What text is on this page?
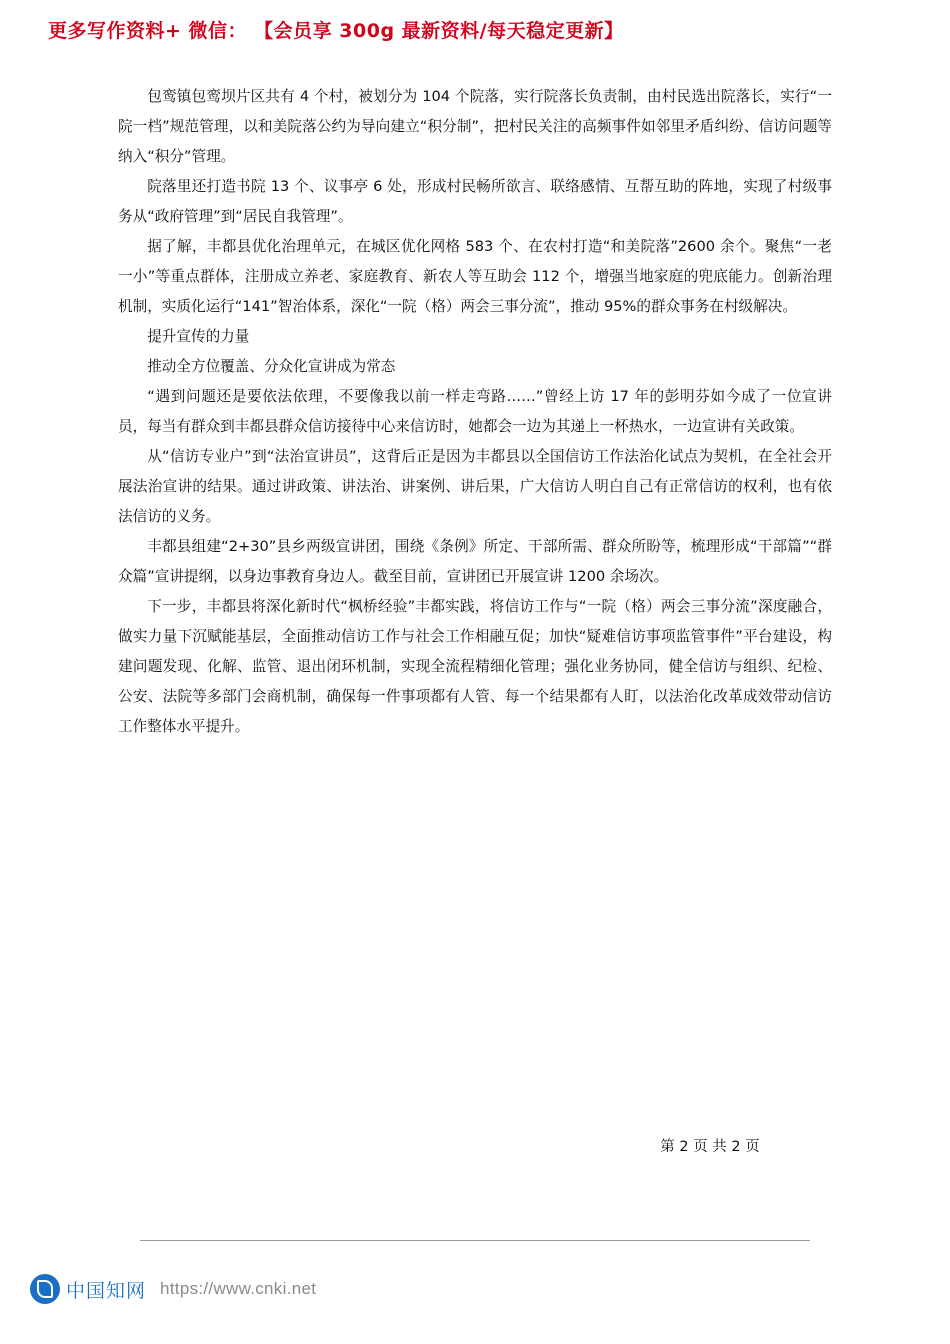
更多写作资料+ 微信： 【会员享 300g 最新资料/每天稳定更新】

包鸾镇包鸾坝片区共有 4 个村，被划分为 104 个院落，实行院落长负责制，由村民选出院落长，实行“一院一档”规范管理，以和美院落公约为导向建立“积分制”，把村民关注的高频事件如邻里矛盾纠纷、信访问题等纳入“积分”管理。

院落里还打造书院 13 个、议事亭 6 处，形成村民畅所欲言、联络感情、互帮互助的阵地，实现了村级事务从“政府管理”到“居民自我管理”。

据了解，丰都县优化治理单元，在城区优化网格 583 个、在农村打造“和美院落”2600 余个。聚焦“一老一小”等重点群体，注册成立养老、家庭教育、新农人等互助会 112 个，增强当地家庭的兜底能力。创新治理机制，实质化运行“141”智治体系，深化“一院（格）两会三事分流”，推动 95%的群众事务在村级解决。

提升宣传的力量

推动全方位覆盖、分众化宣讲成为常态

“遇到问题还是要依法依理，不要像我以前一样走弯路……”曾经上访 17 年的彭明芬如今成了一位宣讲员，每当有群众到丰都县群众信访接待中心来信访时，她都会一边为其递上一杯热水，一边宣讲有关政策。

从“信访专业户”到“法治宣讲员”，这背后正是因为丰都县以全国信访工作法治化试点为契机，在全社会开展法治宣讲的结果。通过讲政策、讲法治、讲案例、讲后果，广大信访人明白自己有正常信访的权利，也有依法信访的义务。

丰都县组建“2+30”县乡两级宣讲团，围绕《条例》所定、干部所需、群众所盼等，梳理形成“干部篇”“群众篇”宣讲提纲，以身边事教育身边人。截至目前，宣讲团已开展宣讲 1200 余场次。

下一步，丰都县将深化新时代“枫桥经验”丰都实践，将信访工作与“一院（格）两会三事分流”深度融合，做实力量下沉赋能基层，全面推动信访工作与社会工作相融互促；加快“疑难信访事项监管事件”平台建设，构建问题发现、化解、监管、退出闭环机制，实现全流程精细化管理；强化业务协同，健全信访与组织、纪检、公安、法院等多部门会商机制，确保每一件事项都有人管、每一个结果都有人盯，以法治化改革成效带动信访工作整体水平提升。

第 2 页 共 2 页
中国知网 https://www.cnki.net
